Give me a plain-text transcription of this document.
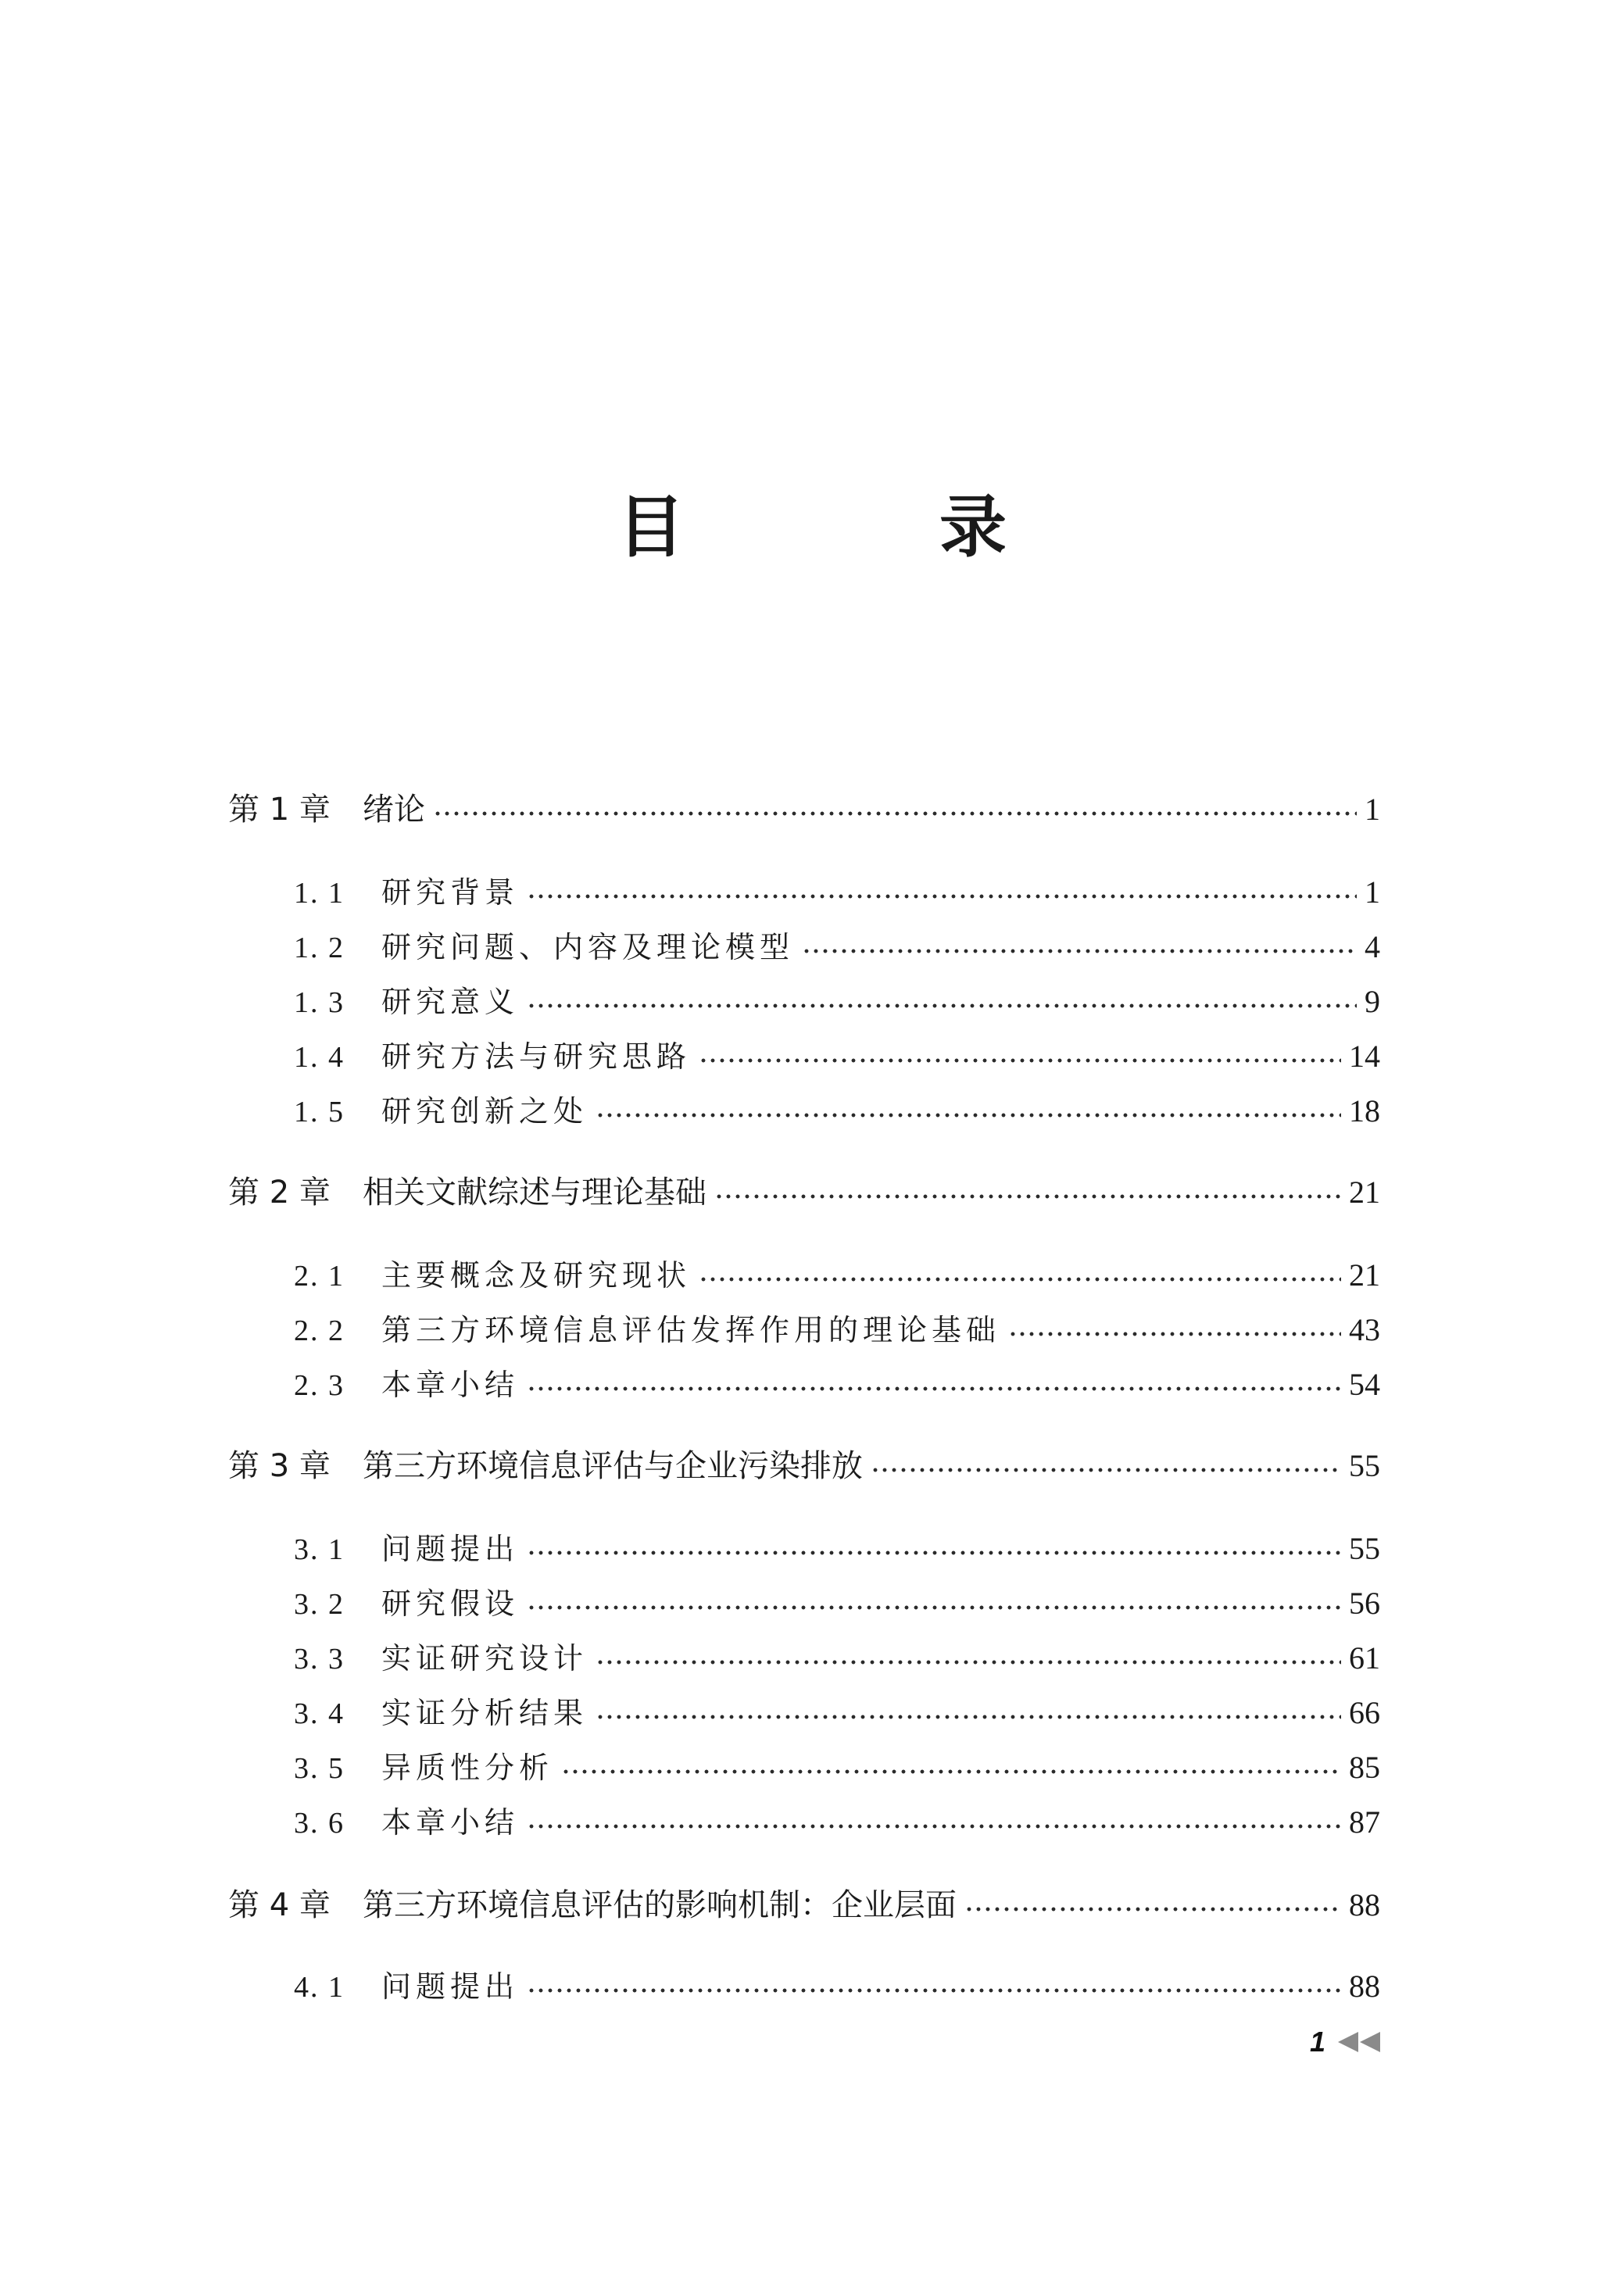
目　录
第 1 章	绪论	1
1. 1	研究背景	1
1. 2	研究问题、内容及理论模型	4
1. 3	研究意义	9
1. 4	研究方法与研究思路	14
1. 5	研究创新之处	18
第 2 章	相关文献综述与理论基础	21
2. 1	主要概念及研究现状	21
2. 2	第三方环境信息评估发挥作用的理论基础	43
2. 3	本章小结	54
第 3 章	第三方环境信息评估与企业污染排放	55
3. 1	问题提出	55
3. 2	研究假设	56
3. 3	实证研究设计	61
3. 4	实证分析结果	66
3. 5	异质性分析	85
3. 6	本章小结	87
第 4 章	第三方环境信息评估的影响机制：企业层面	88
4. 1	问题提出	88
1
